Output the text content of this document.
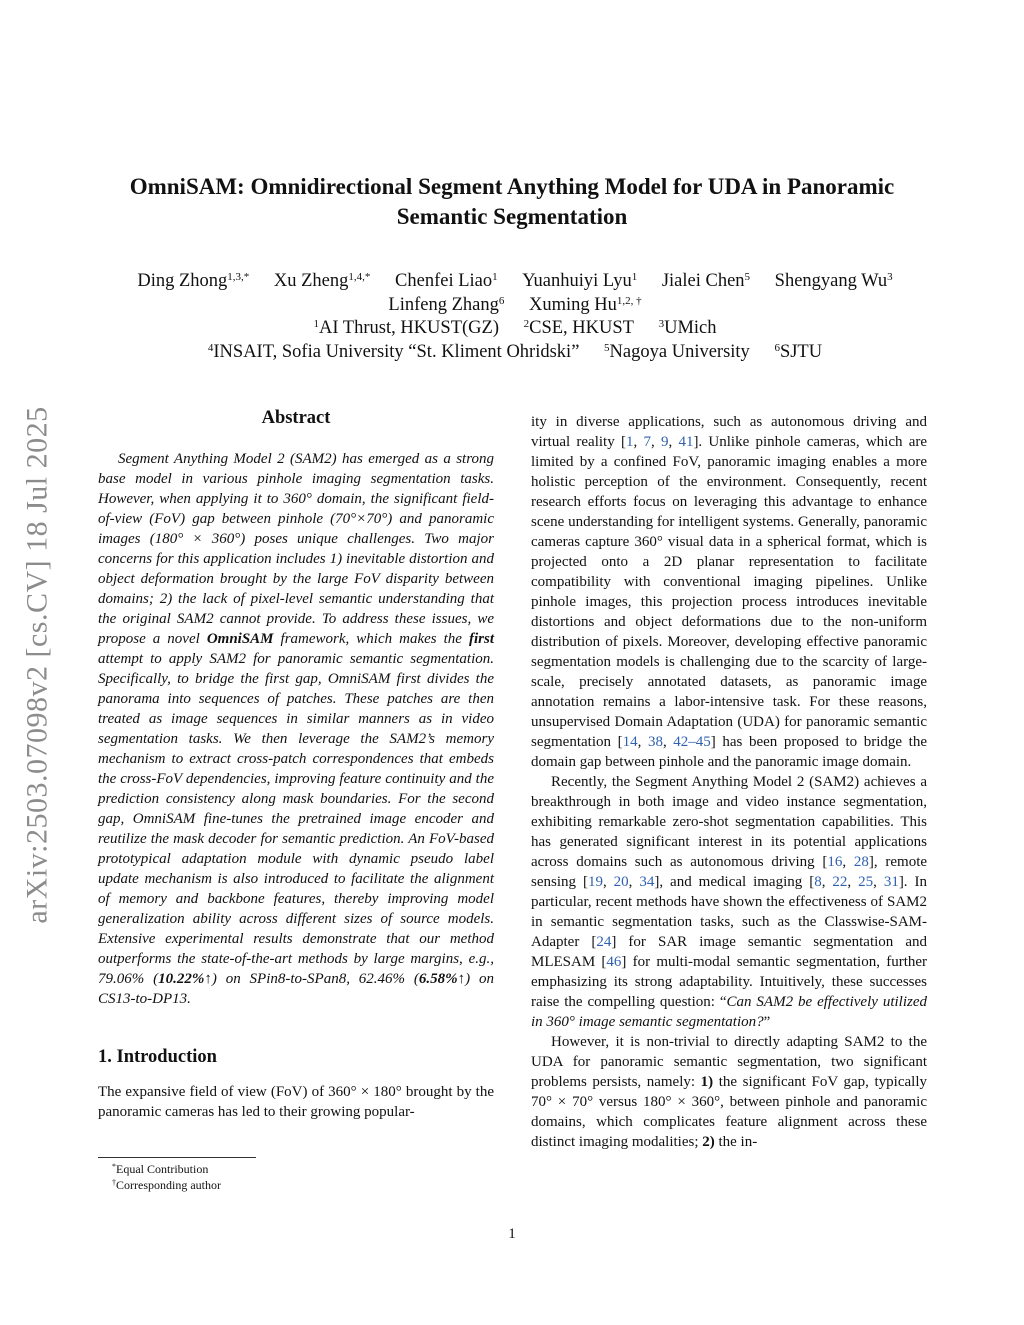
arXiv:2503.07098v2 [cs.CV] 18 Jul 2025
OmniSAM: Omnidirectional Segment Anything Model for UDA in Panoramic
Semantic Segmentation
Ding Zhong$^{1,3,*}$ Xu Zheng$^{1,4,*}$ Chenfei Liao$^1$ Yuanhuiyi Lyu$^1$ Jialei Chen$^5$ Shengyang Wu$^3$
Linfeng Zhang$^6$ Xuming $Hu^{1,2, \dagger}$
$^1$AI Thrust, HKUST(GZ) $^2$CSE, HKUST $^3$UMich
$^4$INSAIT, Sofia University “St. Kliment Ohridski” $^5$Nagoya University $^6$SJTU
Abstract

Segment Anything Model 2 (SAM2) has emerged as a strong base model in various pinhole imaging segmentation tasks. However, when applying it to 360° domain, the significant field-of-view (FoV) gap between pinhole (70°×70°) and panoramic images (180° × 360°) poses unique challenges. Two major concerns for this application includes 1) inevitable distortion and object deformation brought by the large FoV disparity between domains; 2) the lack of pixel-level semantic understanding that the original SAM2 cannot provide. To address these issues, we propose a novel OmniSAM framework, which makes the first attempt to apply SAM2 for panoramic semantic segmentation. Specifically, to bridge the first gap, OmniSAM first divides the panorama into sequences of patches. These patches are then treated as image sequences in similar manners as in video segmentation tasks. We then leverage the SAM2’s memory mechanism to extract cross-patch correspondences that embeds the cross-FoV dependencies, improving feature continuity and the prediction consistency along mask boundaries. For the second gap, OmniSAM fine-tunes the pretrained image encoder and reutilize the mask decoder for semantic prediction. An FoV-based prototypical adaptation module with dynamic pseudo label update mechanism is also introduced to facilitate the alignment of memory and backbone features, thereby improving model generalization ability across different sizes of source models. Extensive experimental results demonstrate that our method outperforms the state-of-the-art methods by large margins, e.g., 79.06% (10.22%↑) on SPin8-to-SPan8, 62.46% (6.58%↑) on CS13-to-DP13.

1. Introduction

The expansive field of view (FoV) of 360° × 180° brought by the panoramic cameras has led to their growing popular-

ity in diverse applications, such as autonomous driving and virtual reality [1, 7, 9, 41]. Unlike pinhole cameras, which are limited by a confined FoV, panoramic imaging enables a more holistic perception of the environment. Consequently, recent research efforts focus on leveraging this advantage to enhance scene understanding for intelligent systems. Generally, panoramic cameras capture 360° visual data in a spherical format, which is projected onto a 2D planar representation to facilitate compatibility with conventional imaging pipelines. Unlike pinhole images, this projection process introduces inevitable distortions and object deformations due to the non-uniform distribution of pixels. Moreover, developing effective panoramic segmentation models is challenging due to the scarcity of large-scale, precisely annotated datasets, as panoramic image annotation remains a labor-intensive task. For these reasons, unsupervised Domain Adaptation (UDA) for panoramic semantic segmentation [14, 38, 42–45] has been proposed to bridge the domain gap between pinhole and the panoramic image domain.

Recently, the Segment Anything Model 2 (SAM2) achieves a breakthrough in both image and video instance segmentation, exhibiting remarkable zero-shot segmentation capabilities. This has generated significant interest in its potential applications across domains such as autonomous driving [16, 28], remote sensing [19, 20, 34], and medical imaging [8, 22, 25, 31]. In particular, recent methods have shown the effectiveness of SAM2 in semantic segmentation tasks, such as the Classwise-SAM-Adapter [24] for SAR image semantic segmentation and MLESAM [46] for multi-modal semantic segmentation, further emphasizing its strong adaptability. Intuitively, these successes raise the compelling question: “Can SAM2 be effectively utilized in 360° image semantic segmentation?”

However, it is non-trivial to directly adapting SAM2 to the UDA for panoramic semantic segmentation, two significant problems persists, namely: 1) the significant FoV gap, typically 70° × 70° versus 180° × 360°, between pinhole and panoramic domains, which complicates feature alignment across these distinct imaging modalities; 2) the in-

*Equal Contribution
†Corresponding author
1
